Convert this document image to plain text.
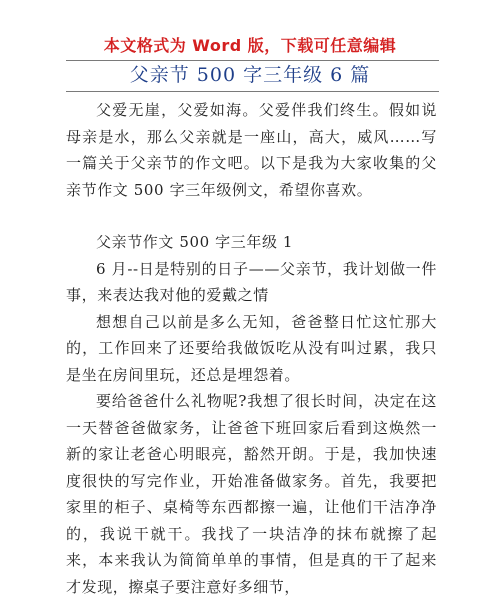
本文格式为 Word 版，下载可任意编辑
父亲节 500 字三年级 6 篇

父爱无崖，父爱如海。父爱伴我们终生。假如说母亲是水，那么父亲就是一座山，高大，威风……写一篇关于父亲节的作文吧。以下是我为大家收集的父亲节作文 500 字三年级例文，希望你喜欢。

父亲节作文 500 字三年级 1

6 月--日是特别的日子——父亲节，我计划做一件事，来表达我对他的爱戴之情

想想自己以前是多么无知，爸爸整日忙这忙那大的，工作回来了还要给我做饭吃从没有叫过累，我只是坐在房间里玩，还总是埋怨着。

要给爸爸什么礼物呢?我想了很长时间，决定在这一天替爸爸做家务，让爸爸下班回家后看到这焕然一新的家让老爸心明眼亮，豁然开朗。于是，我加快速度很快的写完作业，开始准备做家务。首先，我要把家里的柜子、桌椅等东西都擦一遍，让他们干洁净净的，我说干就干。我找了一块洁净的抹布就擦了起来，本来我认为简简单单的事情，但是真的干了起来才发现，擦桌子要注意好多细节，
